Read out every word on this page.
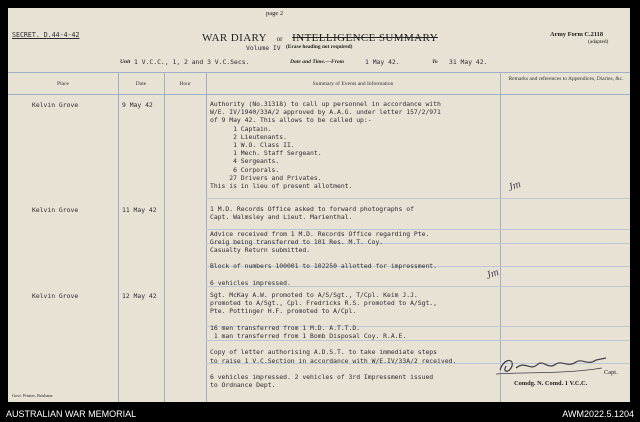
page 2
SECRET. D.44-4-42	WAR DIARY or INTELLIGENCE SUMMARY
Volume IV (Erase heading not required)
Army Form C.2118
(adapted)
Unit 1 V.C.C., 1, 2 and 3 V.C.Secs.	Date and Time.—From	1 May 42.	To 31 May 42.
Place	Date	Hour	Summary of Events and Information
Remarks and references to Appendices, Diaries, &c.
Kelvin Grove	9 May 42	Authority (No.31318) to call up personnel in accordance with
W/E. IV/1940/33A/2 approved by A.A.G. under letter 157/2/971
of 9 May 42. This allows to be called up:-
1 Captain.
2 Lieutenants.
1 W.O. Class II.
1 Mech. Staff Sergeant.
4 Sergeants.
6 Corporals.
27 Drivers and Privates.
This is in lieu of present allotment.	Jm
Kelvin Grove	11 May 42	1 M.D. Records Office asked to forward photographs of
Capt. Walmsley and Lieut. Marienthal.
Advice received from 1 M.D. Records Office regarding Pte.
Greig being transferred to 101 Res. M.T. Coy.
Casualty Return submitted.
Block of numbers 100001 to 102250 allotted for impressment.
6 vehicles impressed.
Jm
Kelvin Grove	12 May 42	Sgt. McKay A.W. promoted to A/S/Sgt., T/Cpl. Keim J.J.
promoted to A/Sgt., Cpl. Fredricks R.S. promoted to A/Sgt.,
Pte. Pottinger H.F. promoted to A/Cpl.
16 men transferred from 1 M.D. A.T.T.D.
1 man transferred from 1 Bomb Disposal Coy. R.A.E.
Copy of letter authorising A.D.S.T. to take immediate steps
to raise 1 V.C.Section in accordance with W/E.IV/33A/2 received.
6 vehicles impressed. 2 vehicles of 3rd Impressment issued
to Ordnance Dept.
Capt.
Comdg. N. Comd. 1 V.C.C.
Govt. Printer, Brisbane
AUSTRALIAN WAR MEMORIAL	AWM2022.5.1204
